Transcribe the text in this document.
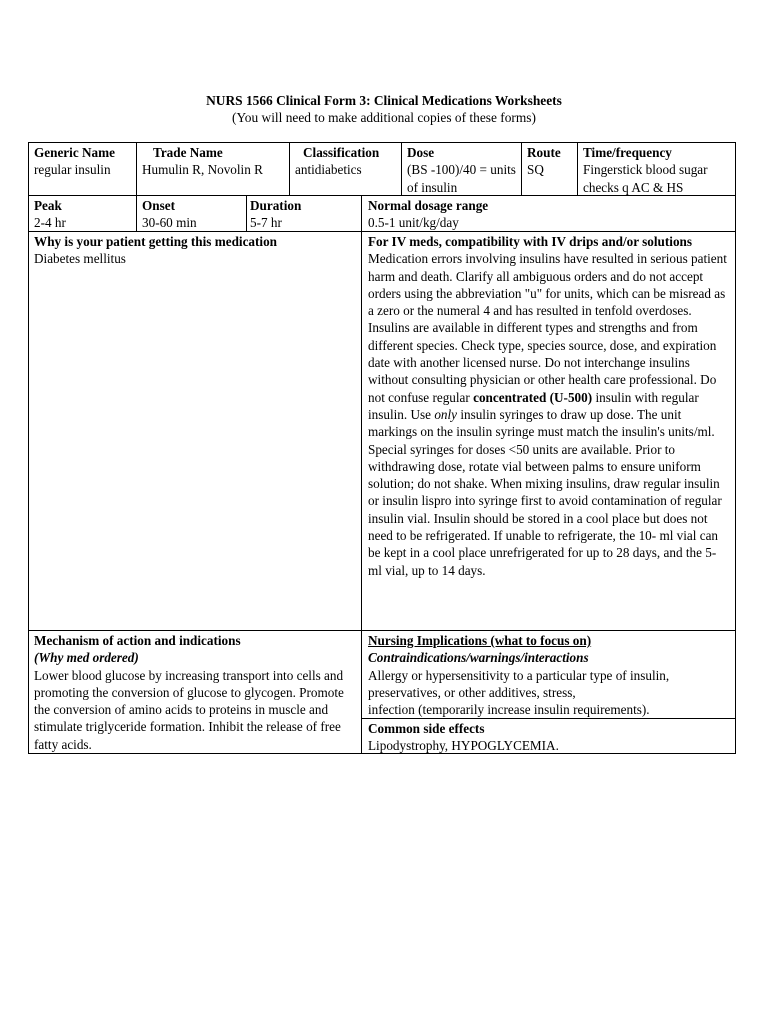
NURS 1566 Clinical Form 3: Clinical Medications Worksheets
(You will need to make additional copies of these forms)
Generic Name
regular insulin
Trade Name
Humulin R, Novolin R
Classification
antidiabetics
Dose
(BS -100)/40 = units of insulin
Route
SQ
Time/frequency
Fingerstick blood sugar checks q AC & HS
Peak
2-4 hr
Onset
30-60 min
Duration
5-7 hr
Normal dosage range
0.5-1 unit/kg/day
Why is your patient getting this medication
Diabetes mellitus
For IV meds, compatibility with IV drips and/or solutions

Medication errors involving insulins have resulted in serious patient harm and death. Clarify all ambiguous orders and do not accept orders using the abbreviation "u" for units, which can be misread as a zero or the numeral 4 and has resulted in tenfold overdoses. Insulins are available in different types and strengths and from different species. Check type, species source, dose, and expiration date with another licensed nurse. Do not interchange insulins without consulting physician or other health care professional. Do not confuse regular concentrated (U-500) insulin with regular insulin. Use only insulin syringes to draw up dose. The unit markings on the insulin syringe must match the insulin's units/ml. Special syringes for doses <50 units are available. Prior to withdrawing dose, rotate vial between palms to ensure uniform solution; do not shake. When mixing insulins, draw regular insulin or insulin lispro into syringe first to avoid contamination of regular insulin vial. Insulin should be stored in a cool place but does not need to be refrigerated. If unable to refrigerate, the 10- ml vial can be kept in a cool place unrefrigerated for up to 28 days, and the 5-ml vial, up to 14 days.

Mechanism of action and indications
(Why med ordered)
Lower blood glucose by increasing transport into cells and promoting the conversion of glucose to glycogen. Promote the conversion of amino acids to proteins in muscle and stimulate triglyceride formation. Inhibit the release of free fatty acids.
Nursing Implications (what to focus on)
Contraindications/warnings/interactions
Allergy or hypersensitivity to a particular type of insulin, preservatives, or other additives, stress,
infection (temporarily increase insulin requirements).
Common side effects
Lipodystrophy, HYPOGLYCEMIA.
